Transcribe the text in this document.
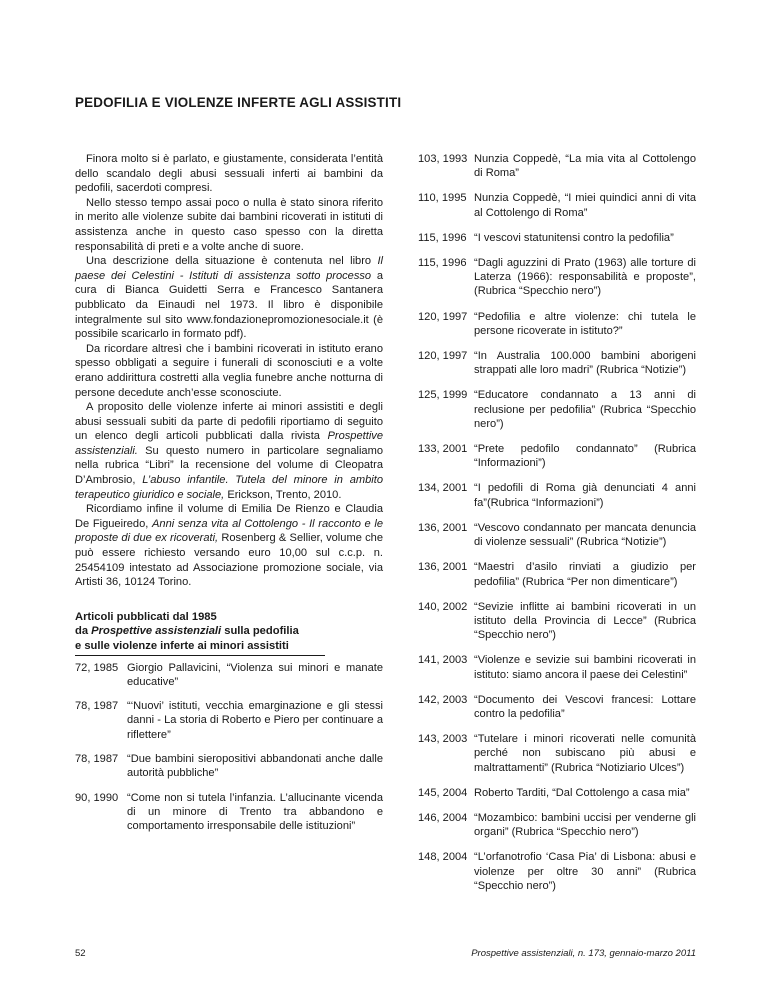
PEDOFILIA E VIOLENZE INFERTE AGLI ASSISTITI

Finora molto si è parlato, e giustamente, considerata l’entità dello scandalo degli abusi sessuali inferti ai bambini da pedofili, sacerdoti compresi.

Nello stesso tempo assai poco o nulla è stato sinora riferito in merito alle violenze subite dai bambini ricoverati in istituti di assistenza anche in questo caso spesso con la diretta responsabilità di preti e a volte anche di suore.

Una descrizione della situazione è contenuta nel libro Il paese dei Celestini - Istituti di assistenza sotto processo a cura di Bianca Guidetti Serra e Francesco Santanera pubblicato da Einaudi nel 1973. Il libro è disponibile integralmente sul sito www.fondazionepromozionesociale.it (è possibile scaricarlo in formato pdf).

Da ricordare altresì che i bambini ricoverati in istituto erano spesso obbligati a seguire i funerali di sconosciuti e a volte erano addirittura costretti alla veglia funebre anche notturna di persone decedute anch’esse sconosciute.

A proposito delle violenze inferte ai minori assistiti e degli abusi sessuali subiti da parte di pedofili riportiamo di seguito un elenco degli articoli pubblicati dalla rivista Prospettive assistenziali. Su questo numero in particolare segnaliamo nella rubrica “Libri” la recensione del volume di Cleopatra D’Ambrosio, L’abuso infantile. Tutela del minore in ambito terapeutico giuridico e sociale, Erickson, Trento, 2010.

Ricordiamo infine il volume di Emilia De Rienzo e Claudia De Figueiredo, Anni senza vita al Cottolengo - Il racconto e le proposte di due ex ricoverati, Rosenberg & Sellier, volume che può essere richiesto versando euro 10,00 sul c.c.p. n. 25454109 intestato ad Associazione promozione sociale, via Artisti 36, 10124 Torino.

Articoli pubblicati dal 1985
da Prospettive assistenziali sulla pedofilia
e sulle violenze inferte ai minori assistiti
72, 1985 Giorgio Pallavicini, “Violenza sui minori e manate educative”
78, 1987 “‘Nuovi’ istituti, vecchia emarginazione e gli stessi danni - La storia di Roberto e Piero per continuare a riflettere”
78, 1987 “Due bambini sieropositivi abbandonati anche dalle autorità pubbliche”
90, 1990 “Come non si tutela l’infanzia. L’allucinante vicenda di un minore di Trento tra abbandono e comportamento irresponsabile delle istituzioni”
103, 1993 Nunzia Coppedè, “La mia vita al Cottolengo di Roma”
110, 1995 Nunzia Coppedè, “I miei quindici anni di vita al Cottolengo di Roma”
115, 1996 “I vescovi statunitensi contro la pedofilia”
115, 1996 “Dagli aguzzini di Prato (1963) alle torture di Laterza (1966): responsabilità e proposte”, (Rubrica “Specchio nero”)
120, 1997 “Pedofilia e altre violenze: chi tutela le persone ricoverate in istituto?”
120, 1997 “In Australia 100.000 bambini aborigeni strappati alle loro madri” (Rubrica “Notizie”)
125, 1999 “Educatore condannato a 13 anni di reclusione per pedofilia” (Rubrica “Specchio nero”)
133, 2001 “Prete pedofilo condannato” (Rubrica “Informazioni”)
134, 2001 “I pedofili di Roma già denunciati 4 anni fa”(Rubrica “Informazioni”)
136, 2001 “Vescovo condannato per mancata denuncia di violenze sessuali” (Rubrica “Notizie”)
136, 2001 “Maestri d’asilo rinviati a giudizio per pedofilia” (Rubrica “Per non dimenticare”)
140, 2002 “Sevizie inflitte ai bambini ricoverati in un istituto della Provincia di Lecce” (Rubrica “Specchio nero”)
141, 2003 “Violenze e sevizie sui bambini ricoverati in istituto: siamo ancora il paese dei Celestini”
142, 2003 “Documento dei Vescovi francesi: Lottare contro la pedofilia”
143, 2003 “Tutelare i minori ricoverati nelle comunità perché non subiscano più abusi e maltrattamenti” (Rubrica “Notiziario Ulces”)
145, 2004 Roberto Tarditi, “Dal Cottolengo a casa mia”
146, 2004 “Mozambico: bambini uccisi per venderne gli organi” (Rubrica “Specchio nero”)
148, 2004 “L’orfanotrofio ‘Casa Pia’ di Lisbona: abusi e violenze per oltre 30 anni” (Rubrica “Specchio nero”)
52	Prospettive assistenziali, n. 173, gennaio-marzo 2011
